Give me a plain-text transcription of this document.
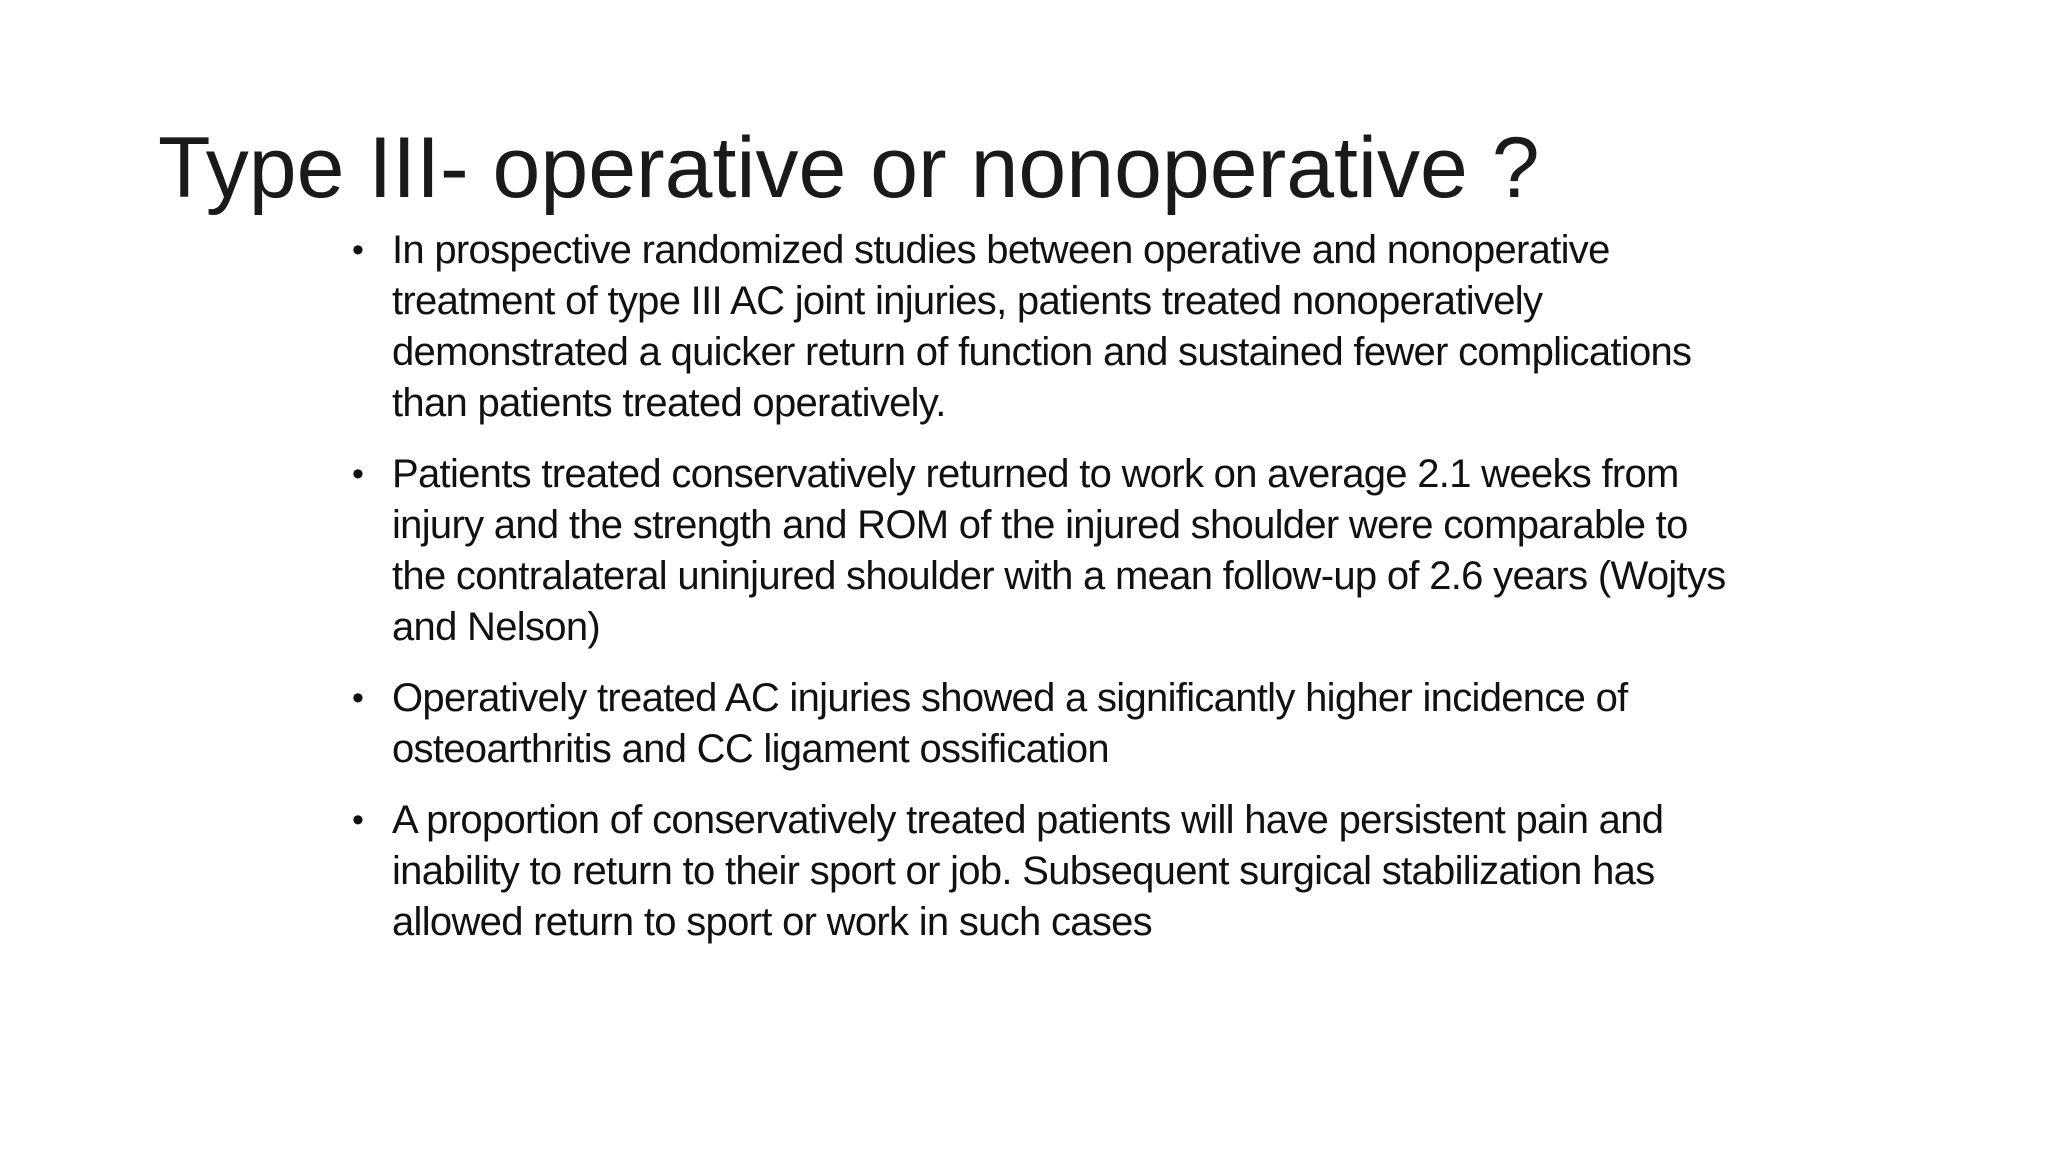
Type III- operative or nonoperative ?
• In prospective randomized studies between operative and nonoperative treatment of type III AC joint injuries, patients treated nonoperatively demonstrated a quicker return of function and sustained fewer complications than patients treated operatively.
• Patients treated conservatively returned to work on average 2.1 weeks from injury and the strength and ROM of the injured shoulder were comparable to the contralateral uninjured shoulder with a mean follow-up of 2.6 years (Wojtys and Nelson)
• Operatively treated AC injuries showed a significantly higher incidence of osteoarthritis and CC ligament ossification
• A proportion of conservatively treated patients will have persistent pain and inability to return to their sport or job. Subsequent surgical stabilization has allowed return to sport or work in such cases
